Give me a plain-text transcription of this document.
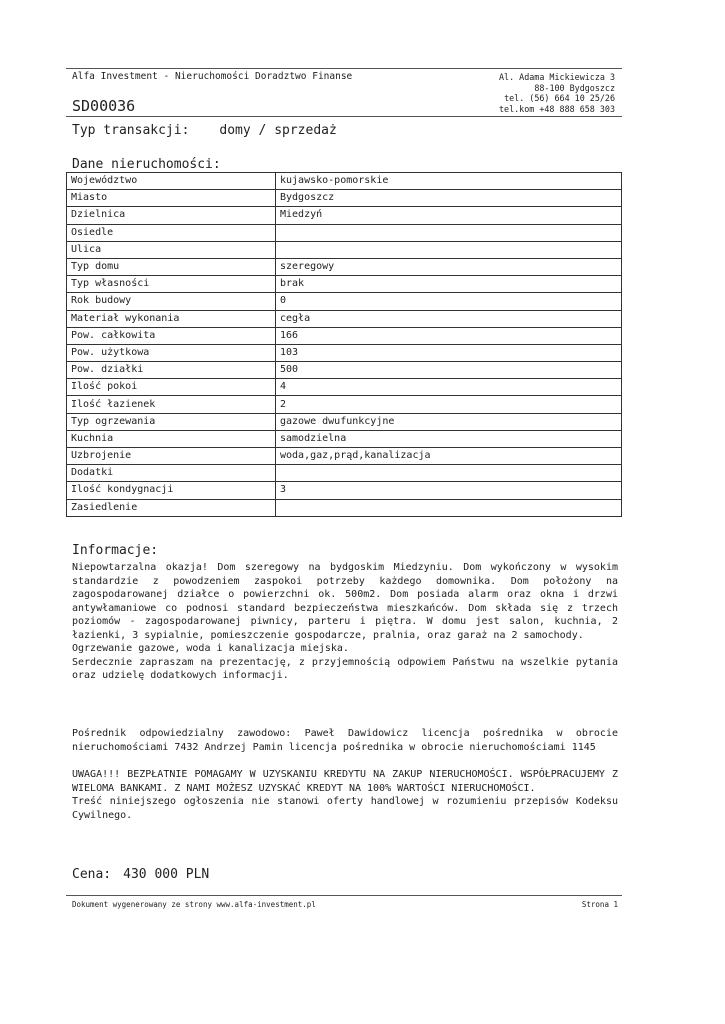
Alfa Investment - Nieruchomości Doradztwo Finanse
SD00036
Al. Adama Mickiewicza 3
88-100 Bydgoszcz
tel. (56) 664 10 25/26
tel.kom +48 888 658 303
Typ transakcji: domy / sprzedaż
Dane nieruchomości:
Województwo	kujawsko-pomorskie
Miasto	Bydgoszcz
Dzielnica	Miedzyń
Osiedle	
Ulica	
Typ domu	szeregowy
Typ własności	brak
Rok budowy	0
Materiał wykonania	cegła
Pow. całkowita	166
Pow. użytkowa	103
Pow. działki	500
Ilość pokoi	4
Ilość łazienek	2
Typ ogrzewania	gazowe dwufunkcyjne
Kuchnia	samodzielna
Uzbrojenie	woda,gaz,prąd,kanalizacja
Dodatki	
Ilość kondygnacji	3
Zasiedlenie	
Informacje:

Niepowtarzalna okazja! Dom szeregowy na bydgoskim Miedzyniu. Dom wykończony w wysokim standardzie z powodzeniem zaspokoi potrzeby każdego domownika. Dom położony na zagospodarowanej działce o powierzchni ok. 500m2. Dom posiada alarm oraz okna i drzwi antywłamaniowe co podnosi standard bezpieczeństwa mieszkańców. Dom składa się z trzech poziomów - zagospodarowanej piwnicy, parteru i piętra. W domu jest salon, kuchnia, 2 łazienki, 3 sypialnie, pomieszczenie gospodarcze, pralnia, oraz garaż na 2 samochody.

Ogrzewanie gazowe, woda i kanalizacja miejska.

Serdecznie zapraszam na prezentację, z przyjemnością odpowiem Państwu na wszelkie pytania oraz udzielę dodatkowych informacji.

Pośrednik odpowiedzialny zawodowo: Paweł Dawidowicz licencja pośrednika w obrocie nieruchomościami 7432 Andrzej Pamin licencja pośrednika w obrocie nieruchomościami 1145

UWAGA!!! BEZPŁATNIE POMAGAMY W UZYSKANIU KREDYTU NA ZAKUP NIERUCHOMOŚCI. WSPÓŁPRACUJEMY Z WIELOMA BANKAMI. Z NAMI MOŻESZ UZYSKAĆ KREDYT NA 100% WARTOŚCI NIERUCHOMOŚCI.

Treść niniejszego ogłoszenia nie stanowi oferty handlowej w rozumieniu przepisów Kodeksu Cywilnego.

Cena: 430 000 PLN
Dokument wygenerowany ze strony www.alfa-investment.pl	Strona 1
